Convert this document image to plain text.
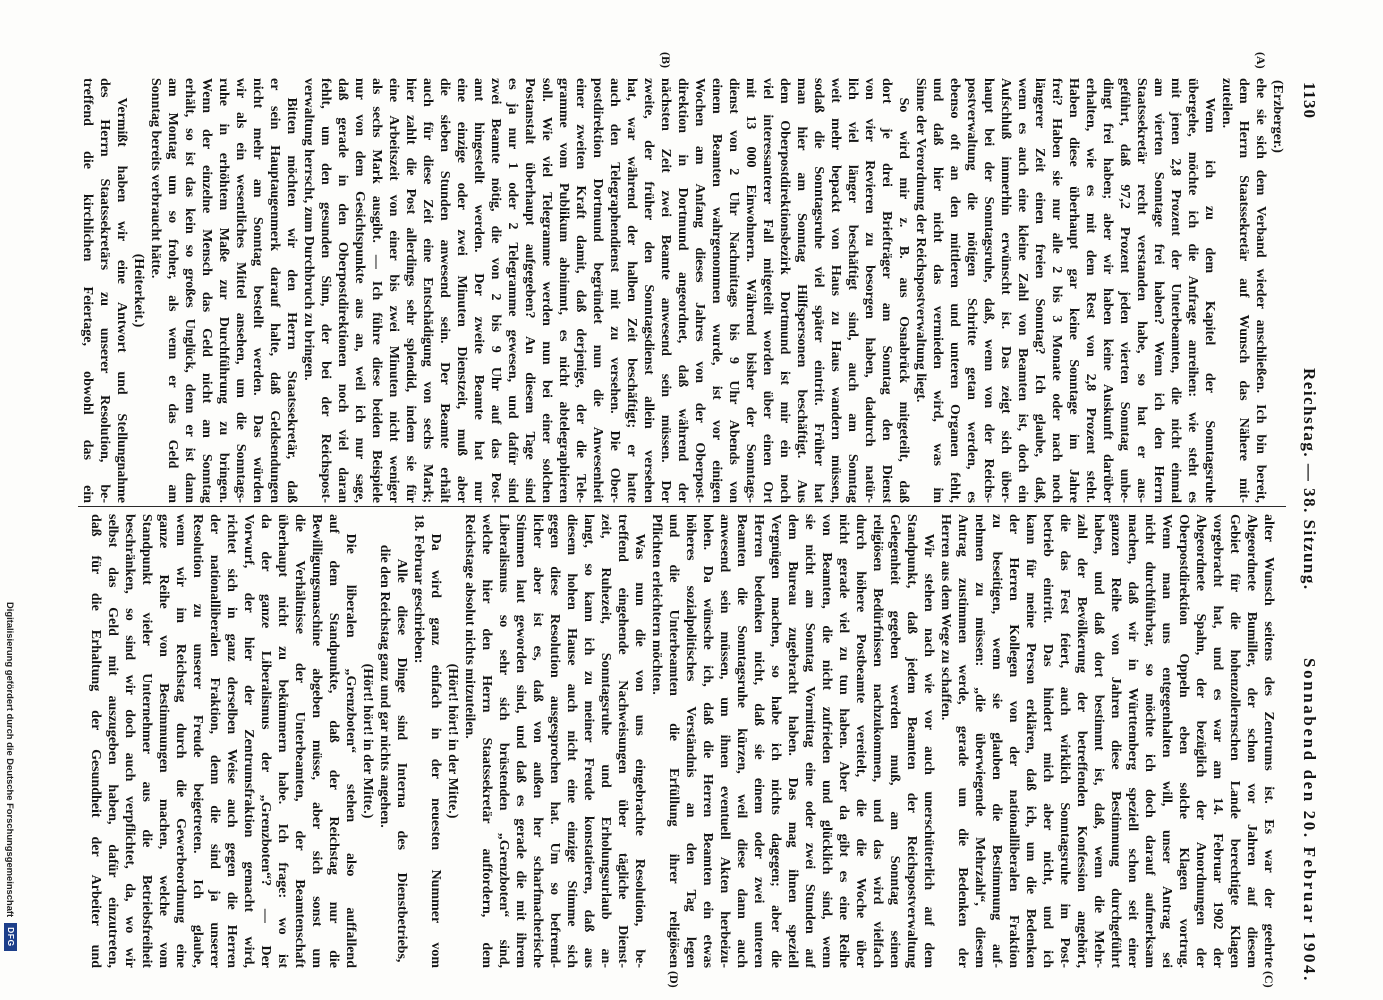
1130
Reichstag. — 38. Sitzung.
Sonnabend den 20. Februar 1904.
(Erzberger.)
ehe sie sich dem Verband wieder anschließen. Ich bin bereit,
dem Herrn Staatssekretär auf Wunsch das Nähere mit-
zuteilen.
Wenn ich zu dem Kapitel der Sonntagsruhe
übergehe, möchte ich die Anfrage anreihen: wie steht es
mit jenen 2,8 Prozent der Unterbeamten, die nicht einmal
am vierten Sonntage frei haben? Wenn ich den Herrn
Staatssekretär recht verstanden habe, so hat er aus-
geführt, daß 97,2 Prozent jeden vierten Sonntag unbe-
dingt frei haben; aber wir haben keine Auskunft darüber
erhalten, wie es mit dem Rest von 2,8 Prozent steht.
Haben diese überhaupt gar keine Sonntage im Jahre
frei? Haben sie nur alle 2 bis 3 Monate oder nach noch
längerer Zeit einen freien Sonntag? Ich glaube, daß,
wenn es auch eine kleine Zahl von Beamten ist, doch ein
Aufschluß immerhin erwünscht ist. Das zeigt sich über-
haupt bei der Sonntagsruhe, daß, wenn von der Reichs-
postverwaltung die nötigen Schritte getan werden, es
ebenso oft an den mittleren und unteren Organen fehlt,
und daß hier nicht das vermieden wird, was im
Sinne der Verordnung der Reichspostverwaltung liegt.
So wird mir z. B. aus Osnabrück mitgeteilt, daß
dort je drei Briefträger am Sonntag den Dienst
von vier Revieren zu besorgen haben, dadurch natür-
lich viel länger beschäftigt sind, auch am Sonntag
weit mehr bepackt von Haus zu Haus wandern müssen,
sodaß die Sonntagsruhe viel später eintritt. Früher hat
man hier am Sonntag Hilfspersonen beschäftigt. Aus
dem Oberpostdirektionsbezirk Dortmund ist mir ein noch
viel interessanterer Fall mitgeteilt worden über einen Ort
mit 13 000 Einwohnern. Während bisher der Sonntags-
dienst von 2 Uhr Nachmittags bis 9 Uhr Abends von
einem Beamten wahrgenommen wurde, ist vor einigen
Wochen am Anfang dieses Jahres von der Oberpost-
direktion in Dortmund angeordnet, daß während der
nächsten Zeit zwei Beamte anwesend sein müssen. Der
zweite, der früher den Sonntagsdienst allein versehen
hat, war während der halben Zeit beschäftigt; er hatte
auch den Telegraphendienst mit zu versehen. Die Ober-
postdirektion Dortmund begründet nun die Anwesenheit
einer zweiten Kraft damit, daß derjenige, der die Tele-
gramme vom Publikum abnimmt, es nicht abtelegraphieren
soll. Wie viel Telegramme werden nun bei einer solchen
Postanstalt überhaupt aufgegeben? An diesem Tage sind
es ja nur 1 oder 2 Telegramme gewesen, und dafür sind
zwei Beamte nötig, die von 2 bis 9 Uhr auf das Post-
amt hingestellt werden. Der zweite Beamte hat nur
eine einzige oder zwei Minuten Dienstzeit, muß aber
die sieben Stunden anwesend sein. Der Beamte erhält
auch für diese Zeit eine Entschädigung von sechs Mark;
hier zahlt die Post allerdings sehr splendid, indem sie für
eine Arbeitszeit von einer bis zwei Minuten nicht weniger
als sechs Mark ausgibt. — Ich führe diese beiden Beispiele
nur von dem Gesichtspunkte aus an, weil ich nur sage,
daß gerade in den Oberpostdirektionen noch viel daran
fehlt, um den gesunden Sinn, der bei der Reichspost-
verwaltung herrscht, zum Durchbruch zu bringen.
Bitten möchten wir den Herrn Staatssekretär, daß
er sein Hauptaugenmerk darauf halte, daß Geldsendungen
nicht mehr am Sonntag bestellt werden. Das würden
wir als ein wesentliches Mittel ansehen, um die Sonntags-
ruhe in erhöhtem Maße zur Durchführung zu bringen.
Wenn der einzelne Mensch das Geld nicht am Sonntag
erhält, so ist das kein so großes Unglück, denn er ist dann
am Montag um so froher, als wenn er das Geld am
Sonntag bereits verbraucht hätte.
(Heiterkeit.)
Vermißt haben wir eine Antwort und Stellungnahme
des Herrn Staatssekretärs zu unserer Resolution, be-
treffend die kirchlichen Feiertage, obwohl das ein
alter Wunsch seitens des Zentrums ist. Es war der geehrte
Abgeordnete Bumiller, der schon vor Jahren auf diesem
Gebiet für die hohenzollernschen Lande berechtigte Klagen
vorgebracht hat, und es war am 14. Februar 1902 der
Abgeordnete Spahn, der bezüglich der Anordnungen der
Oberpostdirektion Oppeln eben solche Klagen vortrug.
Wenn man uns entgegenhalten will, unser Antrag sei
nicht durchführbar, so möchte ich doch darauf aufmerksam
machen, daß wir in Württemberg speziell schon seit einer
ganzen Reihe von Jahren diese Bestimmung durchgeführt
haben, und daß dort bestimmt ist, daß, wenn die Mehr-
zahl der Bevölkerung der betreffenden Konfession angehört,
die das Fest feiert, auch wirklich Sonntagsruhe im Post-
betrieb eintritt. Das hindert mich aber nicht, und ich
kann für meine Person erklären, daß ich, um die Bedenken
der Herren Kollegen von der nationalliberalen Fraktion
zu beseitigen, wenn sie glauben die Bestimmung auf-
nehmen zu müssen: „die überwiegende Mehrzahl“, diesem
Antrag zustimmen werde, gerade um die Bedenken der
Herren aus dem Wege zu schaffen.
Wir stehen nach wie vor auch unerschütterlich auf dem
Standpunkt, daß jedem Beamten der Reichspostverwaltung
Gelegenheit gegeben werden muß, am Sonntag seinen
religiösen Bedürfnissen nachzukommen, und das wird vielfach
durch höhere Postbeamte vereitelt, die die Woche über
nicht gerade viel zu tun haben. Aber da gibt es eine Reihe
von Beamten, die nicht zufrieden und glücklich sind, wenn
sie nicht am Sonntag Vormittag eine oder zwei Stunden auf
dem Bureau zugebracht haben. Das mag ihnen speziell
Vergnügen machen, so habe ich nichts dagegen; aber die
Herren bedenken nicht, daß sie einem oder zwei unteren
Beamten die Sonntagsruhe kürzen, weil diese dann auch
anwesend sein müssen, um ihnen eventuell Akten herbeizu-
holen. Da wünsche ich, daß die Herren Beamten ein etwas
höheres sozialpolitisches Verständnis an den Tag legen
und die Unterbeamten die Erfüllung ihrer religiösen
Pflichten erleichtern möchten.
Was nun die von uns eingebrachte Resolution, be-
treffend eingehende Nachweisungen über tägliche Dienst-
zeit, Ruhezeit, Sonntagsruhe und Erholungsurlaub an-
langt, so kann ich zu meiner Freude konstatieren, daß aus
diesem hohen Hause auch nicht eine einzige Stimme sich
gegen diese Resolution ausgesprochen hat. Um so befremd-
licher aber ist es, daß von außen her scharfmacherische
Stimmen laut geworden sind, und daß es gerade die mit ihrem
Liberalismus so sehr sich brüstenden „Grenzboten“ sind,
welche hier den Herrn Staatssekretär auffordern, dem
Reichstage absolut nichts mitzuteilen.
(Hört! hört! in der Mitte.)
Da wird ganz einfach in der neuesten Nummer vom
18. Februar geschrieben:
Alle diese Dinge sind Interna des Dienstbetriebs,
die den Reichstag ganz und gar nichts angehen.
(Hört! hört! in der Mitte.)
Die liberalen „Grenzboten“ stehen also auffallend
auf dem Standpunkte, daß der Reichstag nur die
Bewilligungsmaschine abgeben müsse, aber sich sonst um
die Verhältnisse der Unterbeamten, der Beamtenschaft
überhaupt nicht zu bekümmern habe. Ich frage: wo ist
da der ganze Liberalismus der „Grenzboten“? — Der
Vorwurf, der hier der Zentrumsfraktion gemacht wird,
richtet sich in ganz derselben Weise auch gegen die Herren
der nationalliberalen Fraktion, denn die sind ja unserer
Resolution zu unserer Freude beigetreten. Ich glaube,
wenn wir im Reichstag durch die Gewerbeordnung eine
ganze Reihe von Bestimmungen machen, welche vom
Standpunkt vieler Unternehmer aus die Betriebsfreiheit
beschränken, so sind wir doch auch verpflichtet, da, wo wir
selbst das Geld mit auszugeben haben, dafür einzutreten,
daß für die Erhaltung der Gesundheit der Arbeiter und
(A)
(B)
(C)
(D)
Digitalisierung gefördert durch die Deutsche Forschungsgemeinschaft
DFG
